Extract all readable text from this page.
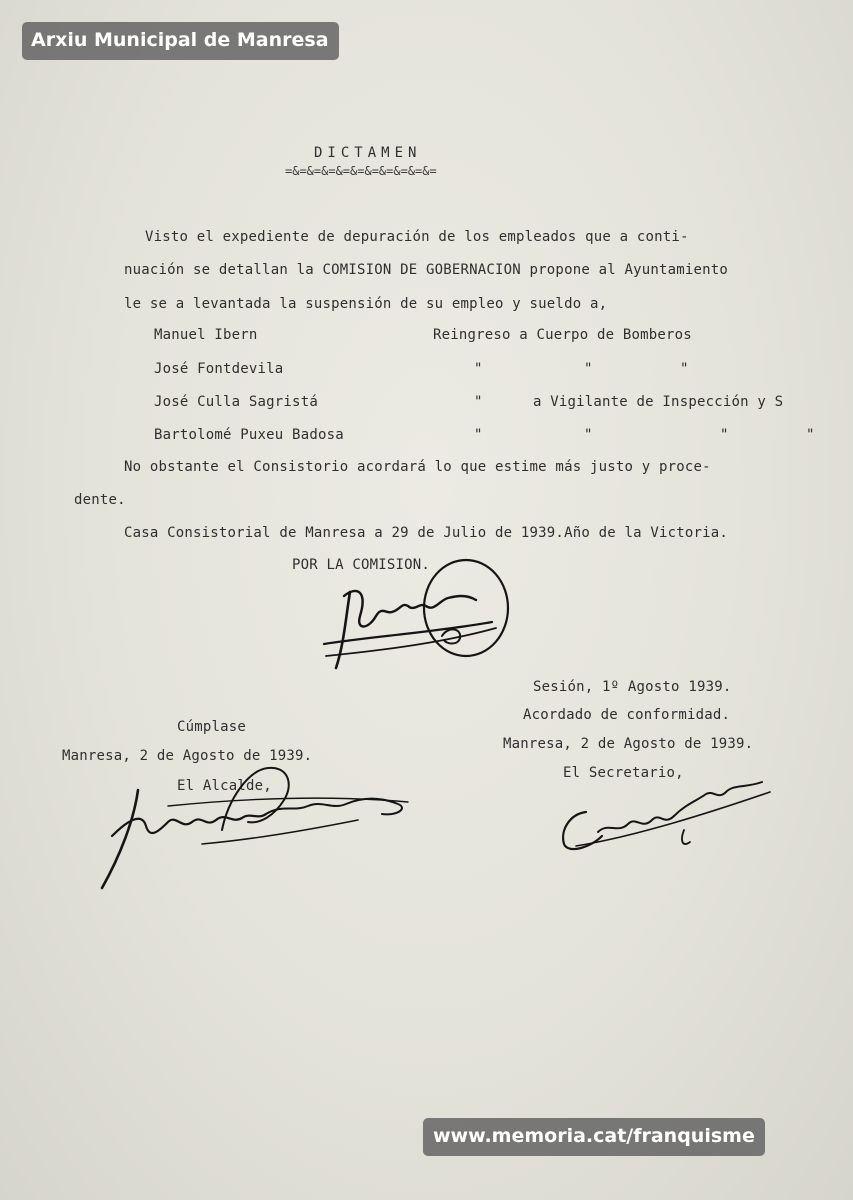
Arxiu Municipal de Manresa
DICTAMEN
=&=&=&=&=&=&=&=&=&=&=
Visto el expediente de depuración de los empleados que a conti-
nuación se detallan la COMISION DE GOBERNACION propone al Ayuntamiento
le se a levantada la suspensión de su empleo y sueldo a,
Manuel Ibern	Reingreso a Cuerpo de Bomberos
José Fontdevila	"	"	"
José Culla Sagristá	"	a Vigilante de Inspección y S
Bartolomé Puxeu Badosa	"	"	"	"
No obstante el Consistorio acordará lo que estime más justo y proce-
dente.
Casa Consistorial de Manresa a 29 de Julio de 1939.Año de la Victoria.
POR LA COMISION.
Sesión, 1º Agosto 1939.
Acordado de conformidad.
Manresa, 2 de Agosto de 1939.
El Secretario,
Cúmplase
Manresa, 2 de Agosto de 1939.
El Alcalde,
www.memoria.cat/franquisme
